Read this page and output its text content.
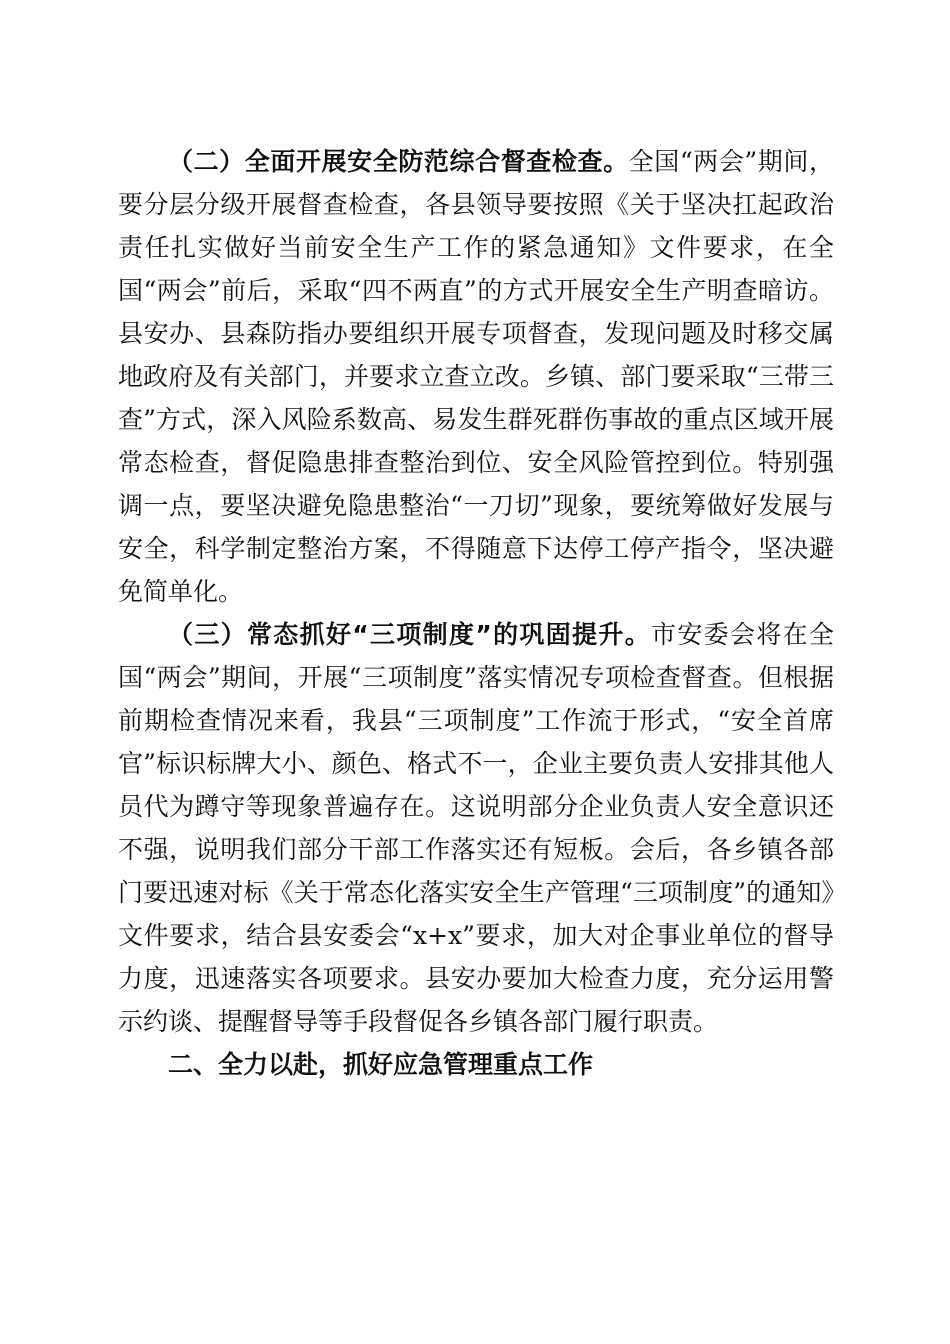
（二）全面开展安全防范综合督查检查。全国“两会”期间，要分层分级开展督查检查，各县领导要按照《关于坚决扛起政治责任扎实做好当前安全生产工作的紧急通知》文件要求，在全国“两会”前后，采取“四不两直”的方式开展安全生产明查暗访。县安办、县森防指办要组织开展专项督查，发现问题及时移交属地政府及有关部门，并要求立查立改。乡镇、部门要采取“三带三查”方式，深入风险系数高、易发生群死群伤事故的重点区域开展常态检查，督促隐患排查整治到位、安全风险管控到位。特别强调一点，要坚决避免隐患整治“一刀切”现象，要统筹做好发展与安全，科学制定整治方案，不得随意下达停工停产指令，坚决避免简单化。

（三）常态抓好“三项制度”的巩固提升。市安委会将在全国“两会”期间，开展“三项制度”落实情况专项检查督查。但根据前期检查情况来看，我县“三项制度”工作流于形式，“安全首席官”标识标牌大小、颜色、格式不一，企业主要负责人安排其他人员代为蹲守等现象普遍存在。这说明部分企业负责人安全意识还不强，说明我们部分干部工作落实还有短板。会后，各乡镇各部门要迅速对标《关于常态化落实安全生产管理“三项制度”的通知》文件要求，结合县安委会“x+x”要求，加大对企事业单位的督导力度，迅速落实各项要求。县安办要加大检查力度，充分运用警示约谈、提醒督导等手段督促各乡镇各部门履行职责。

二、全力以赴，抓好应急管理重点工作
